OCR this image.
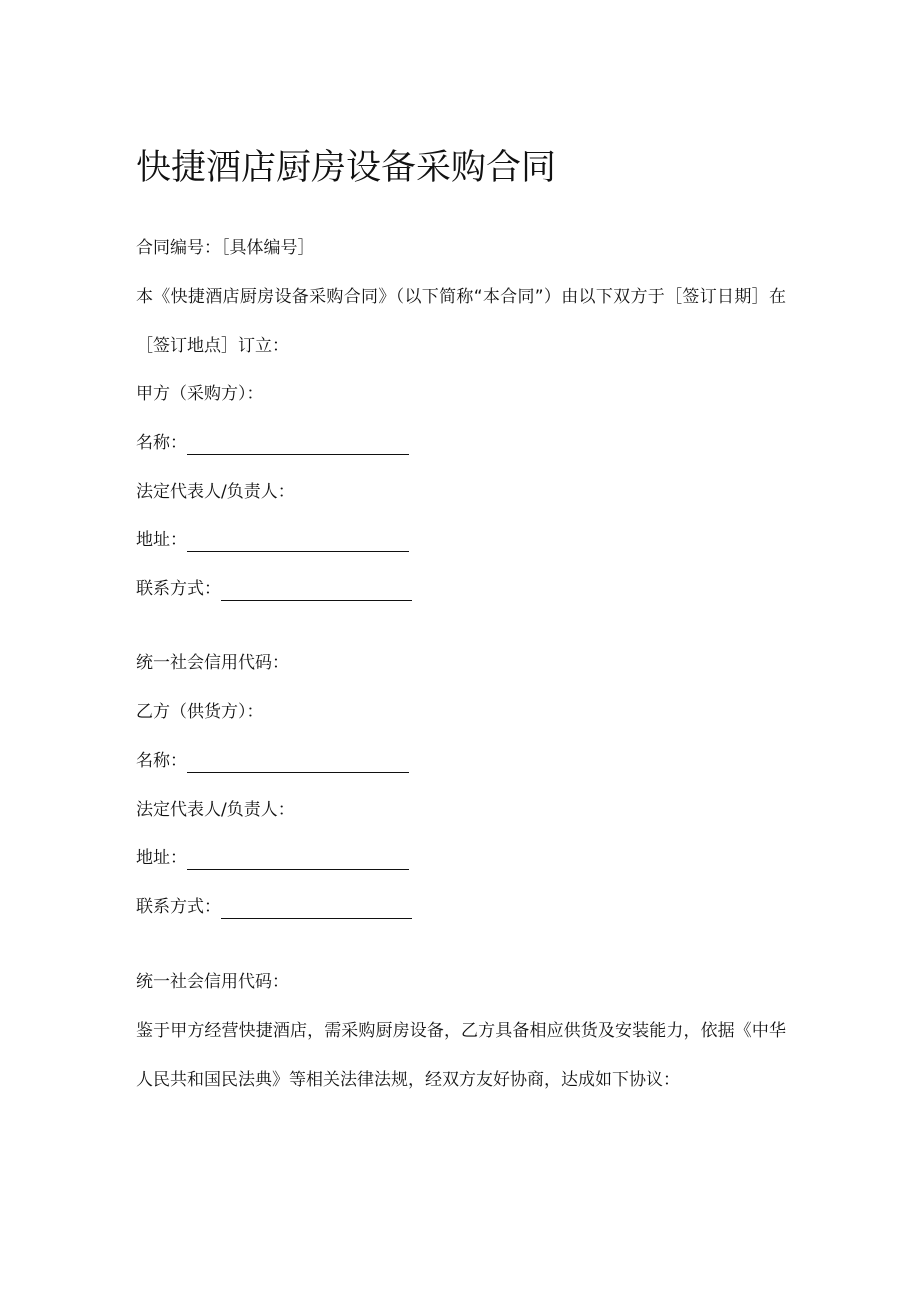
快捷酒店厨房设备采购合同
合同编号：［具体编号］
本《快捷酒店厨房设备采购合同》（以下简称“本合同”）由以下双方于［签订日期］在
［签订地点］订立：
甲方（采购方）：
名称：
法定代表人/负责人：
地址：
联系方式：
统一社会信用代码：
乙方（供货方）：
名称：
法定代表人/负责人：
地址：
联系方式：
统一社会信用代码：
鉴于甲方经营快捷酒店，需采购厨房设备，乙方具备相应供货及安装能力，依据《中华
人民共和国民法典》等相关法律法规，经双方友好协商，达成如下协议：
